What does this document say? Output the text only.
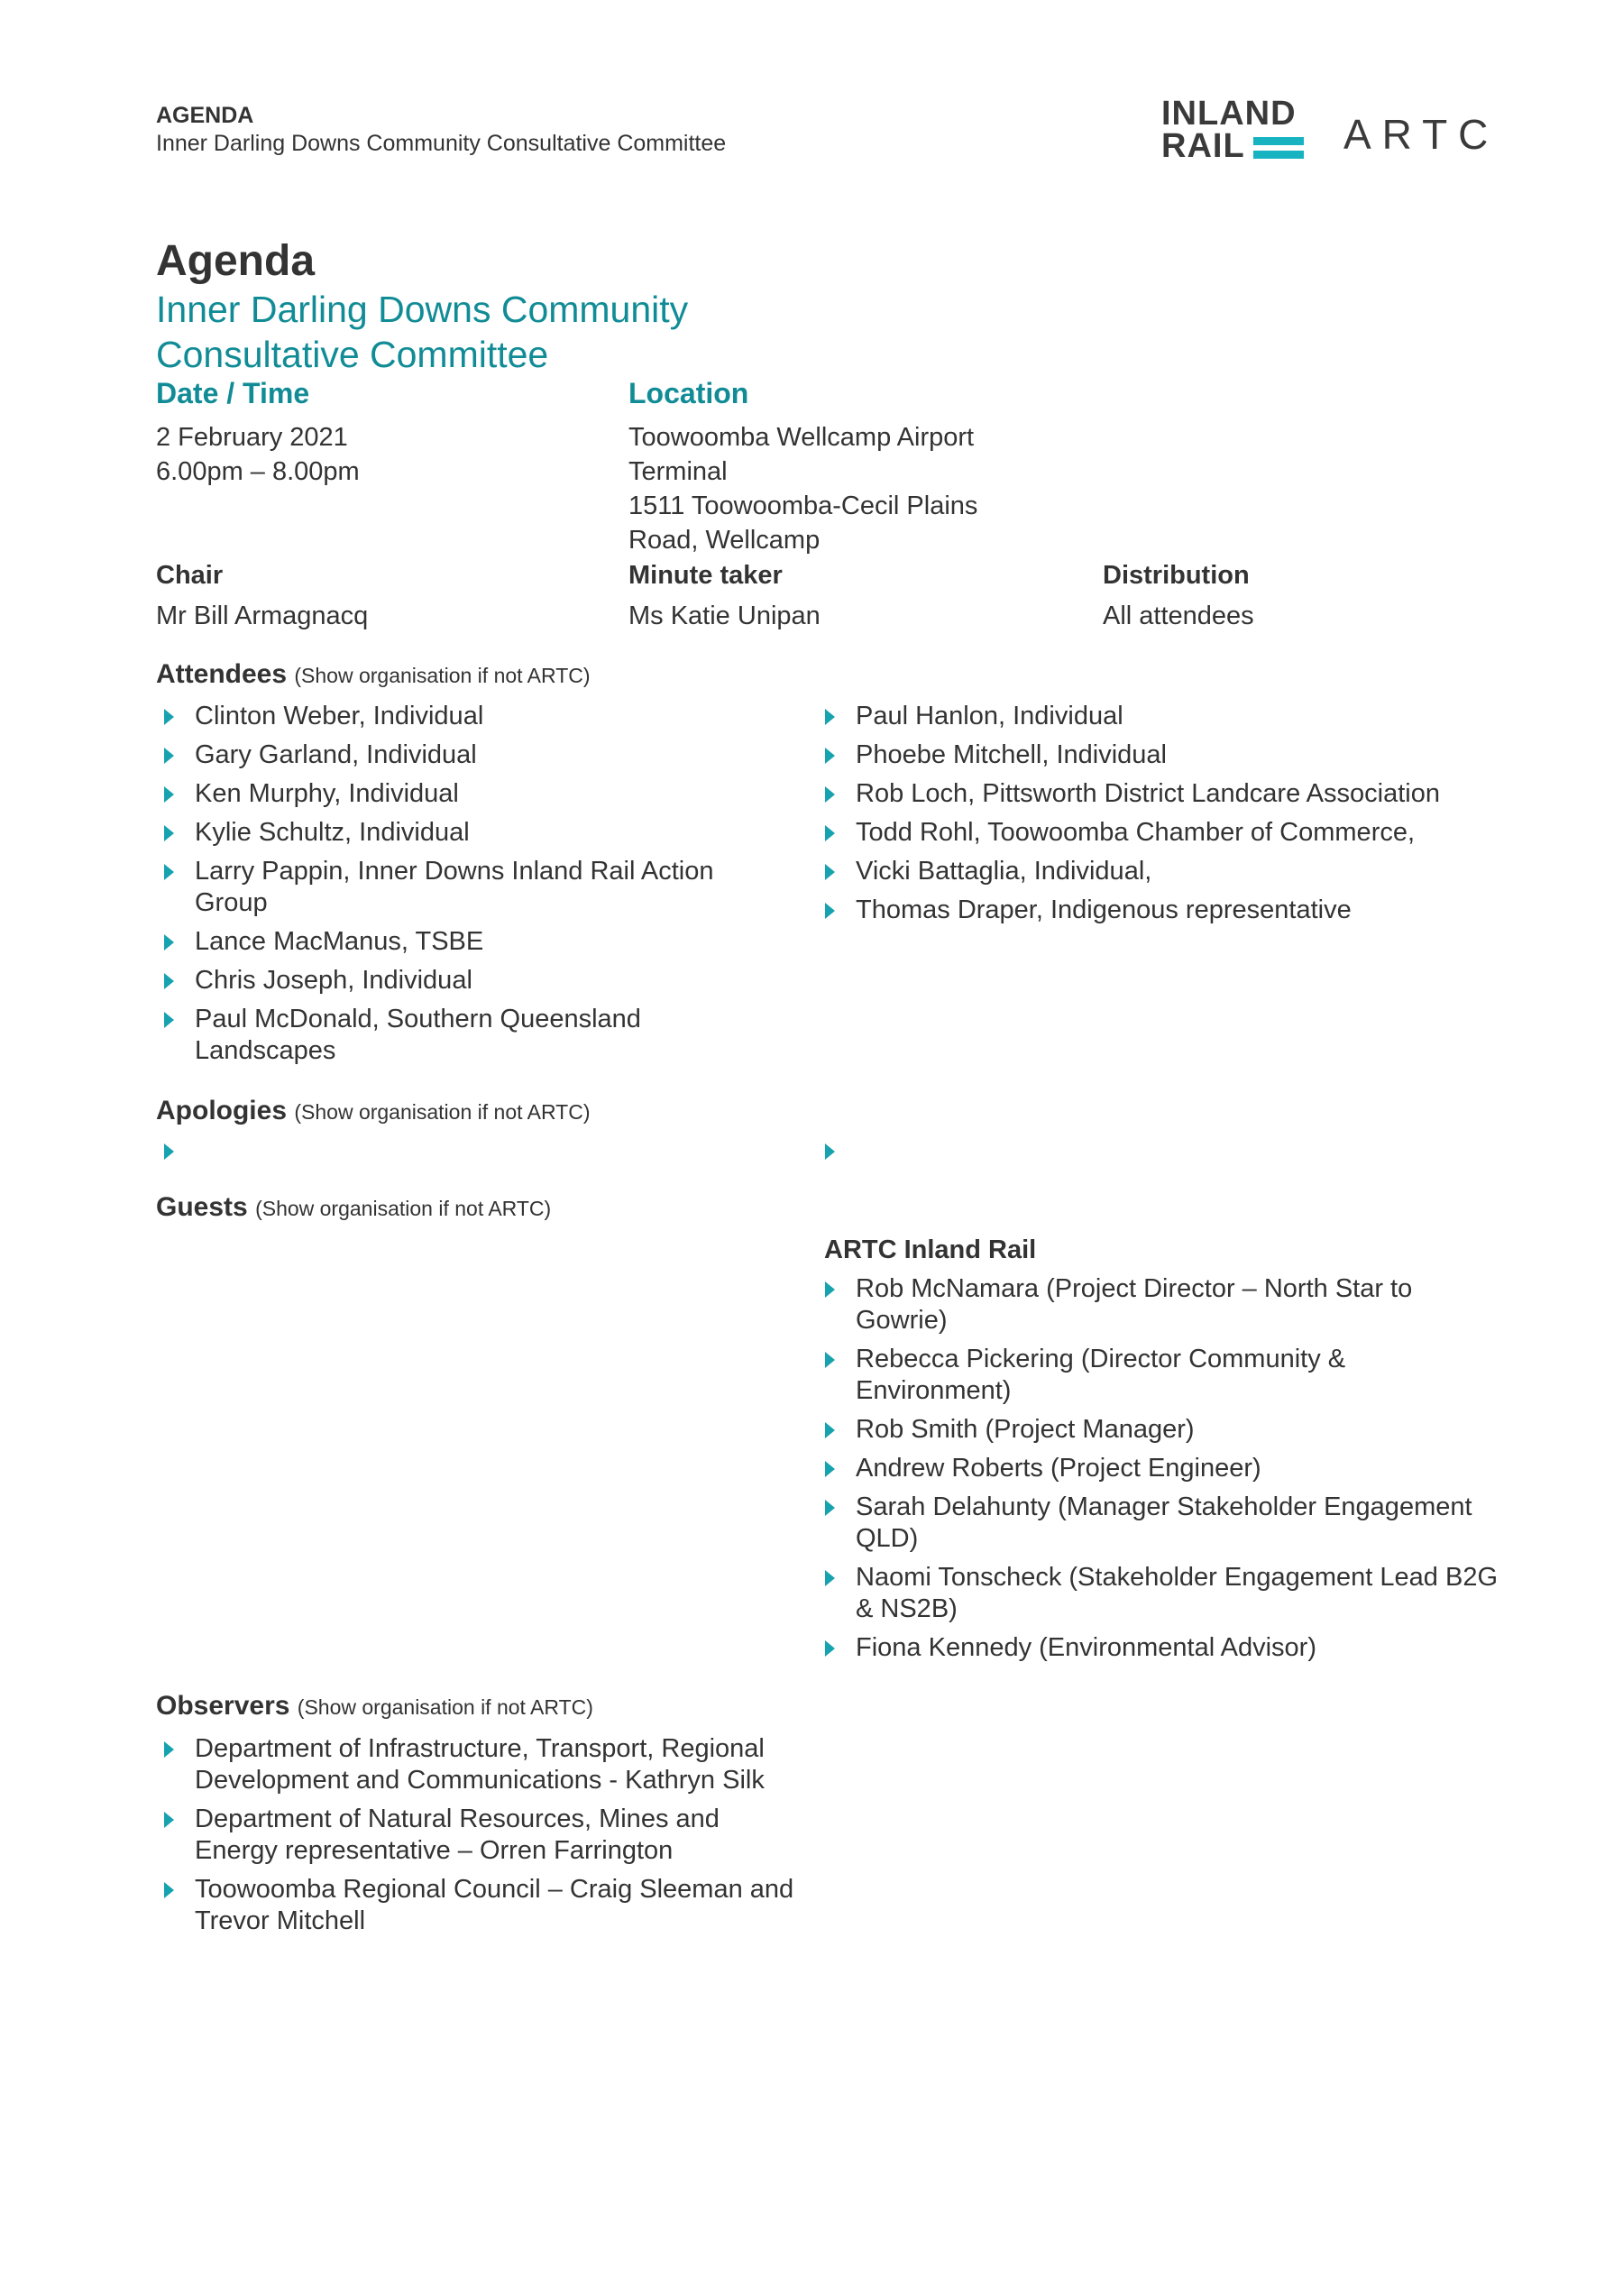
AGENDA
Inner Darling Downs Community Consultative Committee
INLAND
RAIL	ARTC
Agenda
Inner Darling Downs Community
Consultative Committee
Date / Time
2 February 2021
6.00pm – 8.00pm
Location
Toowoomba Wellcamp Airport
Terminal
1511 Toowoomba-Cecil Plains
Road, Wellcamp
Chair
Mr Bill Armagnacq
Minute taker
Ms Katie Unipan
Distribution
All attendees
Attendees (Show organisation if not ARTC)
Clinton Weber, Individual
Gary Garland, Individual
Ken Murphy, Individual
Kylie Schultz, Individual
Larry Pappin, Inner Downs Inland Rail Action Group
Lance MacManus, TSBE
Chris Joseph, Individual
Paul McDonald, Southern Queensland Landscapes
Paul Hanlon, Individual
Phoebe Mitchell, Individual
Rob Loch, Pittsworth District Landcare Association
Todd Rohl, Toowoomba Chamber of Commerce,
Vicki Battaglia, Individual,
Thomas Draper, Indigenous representative
Apologies (Show organisation if not ARTC)
Guests (Show organisation if not ARTC)
ARTC Inland Rail
Rob McNamara (Project Director – North Star to Gowrie)
Rebecca Pickering (Director Community & Environment)
Rob Smith (Project Manager)
Andrew Roberts (Project Engineer)
Sarah Delahunty (Manager Stakeholder Engagement QLD)
Naomi Tonscheck (Stakeholder Engagement Lead B2G & NS2B)
Fiona Kennedy (Environmental Advisor)
Observers (Show organisation if not ARTC)
Department of Infrastructure, Transport, Regional Development and Communications - Kathryn Silk
Department of Natural Resources, Mines and Energy representative – Orren Farrington
Toowoomba Regional Council – Craig Sleeman and Trevor Mitchell
